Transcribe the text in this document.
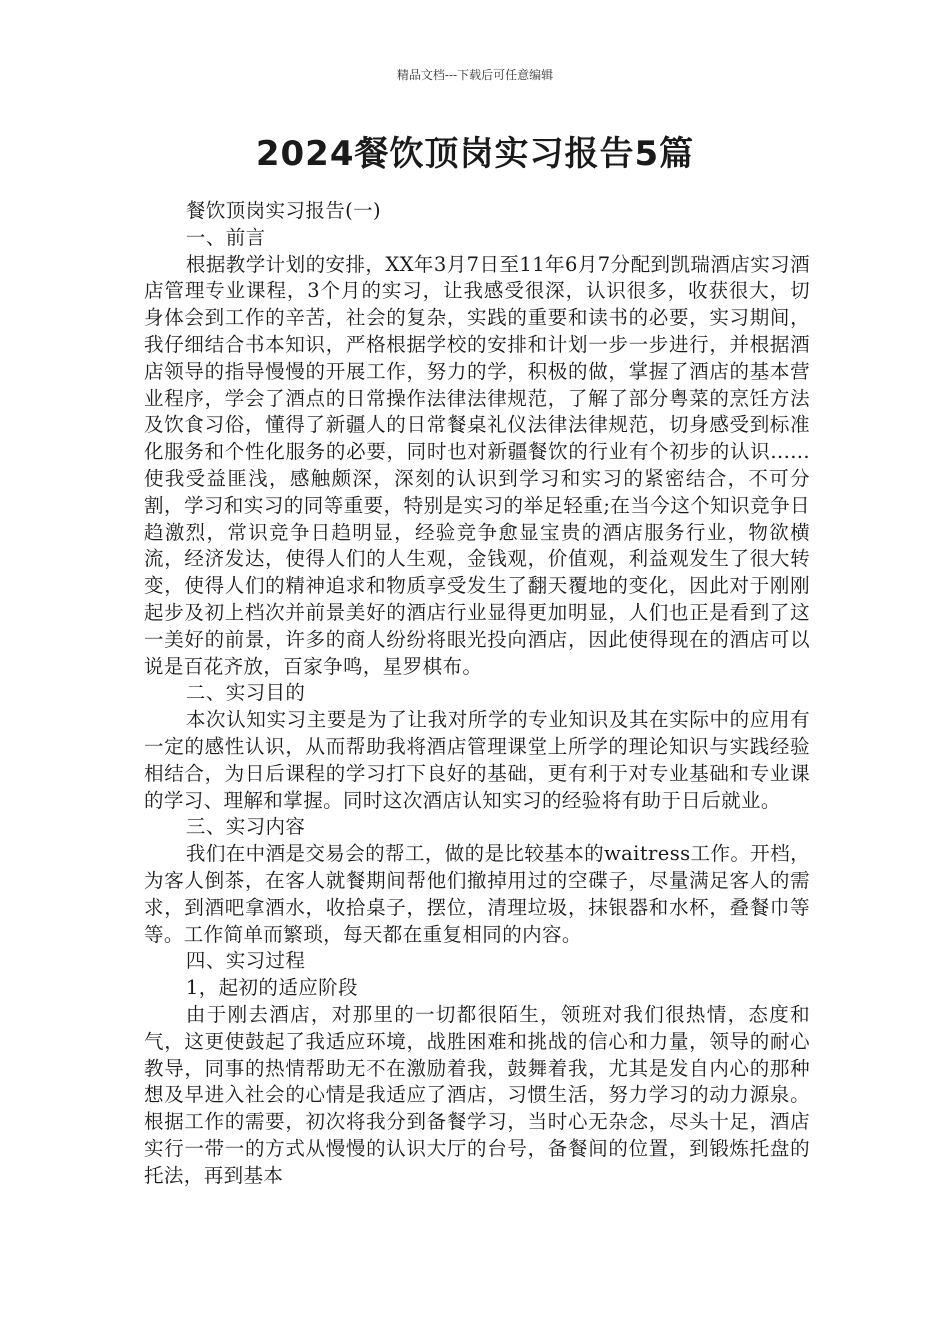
精品文档---下载后可任意编辑
2024餐饮顶岗实习报告5篇

餐饮顶岗实习报告(一)

一、前言

根据教学计划的安排，XX年3月7日至11年6月7分配到凯瑞酒店实习酒店管理专业课程，3个月的实习，让我感受很深，认识很多，收获很大，切身体会到工作的辛苦，社会的复杂，实践的重要和读书的必要，实习期间，我仔细结合书本知识，严格根据学校的安排和计划一步一步进行，并根据酒店领导的指导慢慢的开展工作，努力的学，积极的做，掌握了酒店的基本营业程序，学会了酒点的日常操作法律法律规范，了解了部分粤菜的烹饪方法及饮食习俗，懂得了新疆人的日常餐桌礼仪法律法律规范，切身感受到标准化服务和个性化服务的必要，同时也对新疆餐饮的行业有个初步的认识......使我受益匪浅，感触颇深，深刻的认识到学习和实习的紧密结合，不可分割，学习和实习的同等重要，特别是实习的举足轻重;在当今这个知识竞争日趋激烈，常识竞争日趋明显，经验竞争愈显宝贵的酒店服务行业，物欲横流，经济发达，使得人们的人生观，金钱观，价值观，利益观发生了很大转变，使得人们的精神追求和物质享受发生了翻天覆地的变化，因此对于刚刚起步及初上档次并前景美好的酒店行业显得更加明显，人们也正是看到了这一美好的前景，许多的商人纷纷将眼光投向酒店，因此使得现在的酒店可以说是百花齐放，百家争鸣，星罗棋布。

二、实习目的

本次认知实习主要是为了让我对所学的专业知识及其在实际中的应用有一定的感性认识，从而帮助我将酒店管理课堂上所学的理论知识与实践经验相结合，为日后课程的学习打下良好的基础，更有利于对专业基础和专业课的学习、理解和掌握。同时这次酒店认知实习的经验将有助于日后就业。

三、实习内容

我们在中酒是交易会的帮工，做的是比较基本的waitress工作。开档，为客人倒茶，在客人就餐期间帮他们撤掉用过的空碟子，尽量满足客人的需求，到酒吧拿酒水，收拾桌子，摆位，清理垃圾，抹银器和水杯，叠餐巾等等。工作简单而繁琐，每天都在重复相同的内容。

四、实习过程

1，起初的适应阶段

由于刚去酒店，对那里的一切都很陌生，领班对我们很热情，态度和气，这更使鼓起了我适应环境，战胜困难和挑战的信心和力量，领导的耐心教导，同事的热情帮助无不在激励着我，鼓舞着我，尤其是发自内心的那种想及早进入社会的心情是我适应了酒店，习惯生活，努力学习的动力源泉。根据工作的需要，初次将我分到备餐学习，当时心无杂念，尽头十足，酒店实行一带一的方式从慢慢的认识大厅的台号，备餐间的位置，到锻炼托盘的托法，再到基本
